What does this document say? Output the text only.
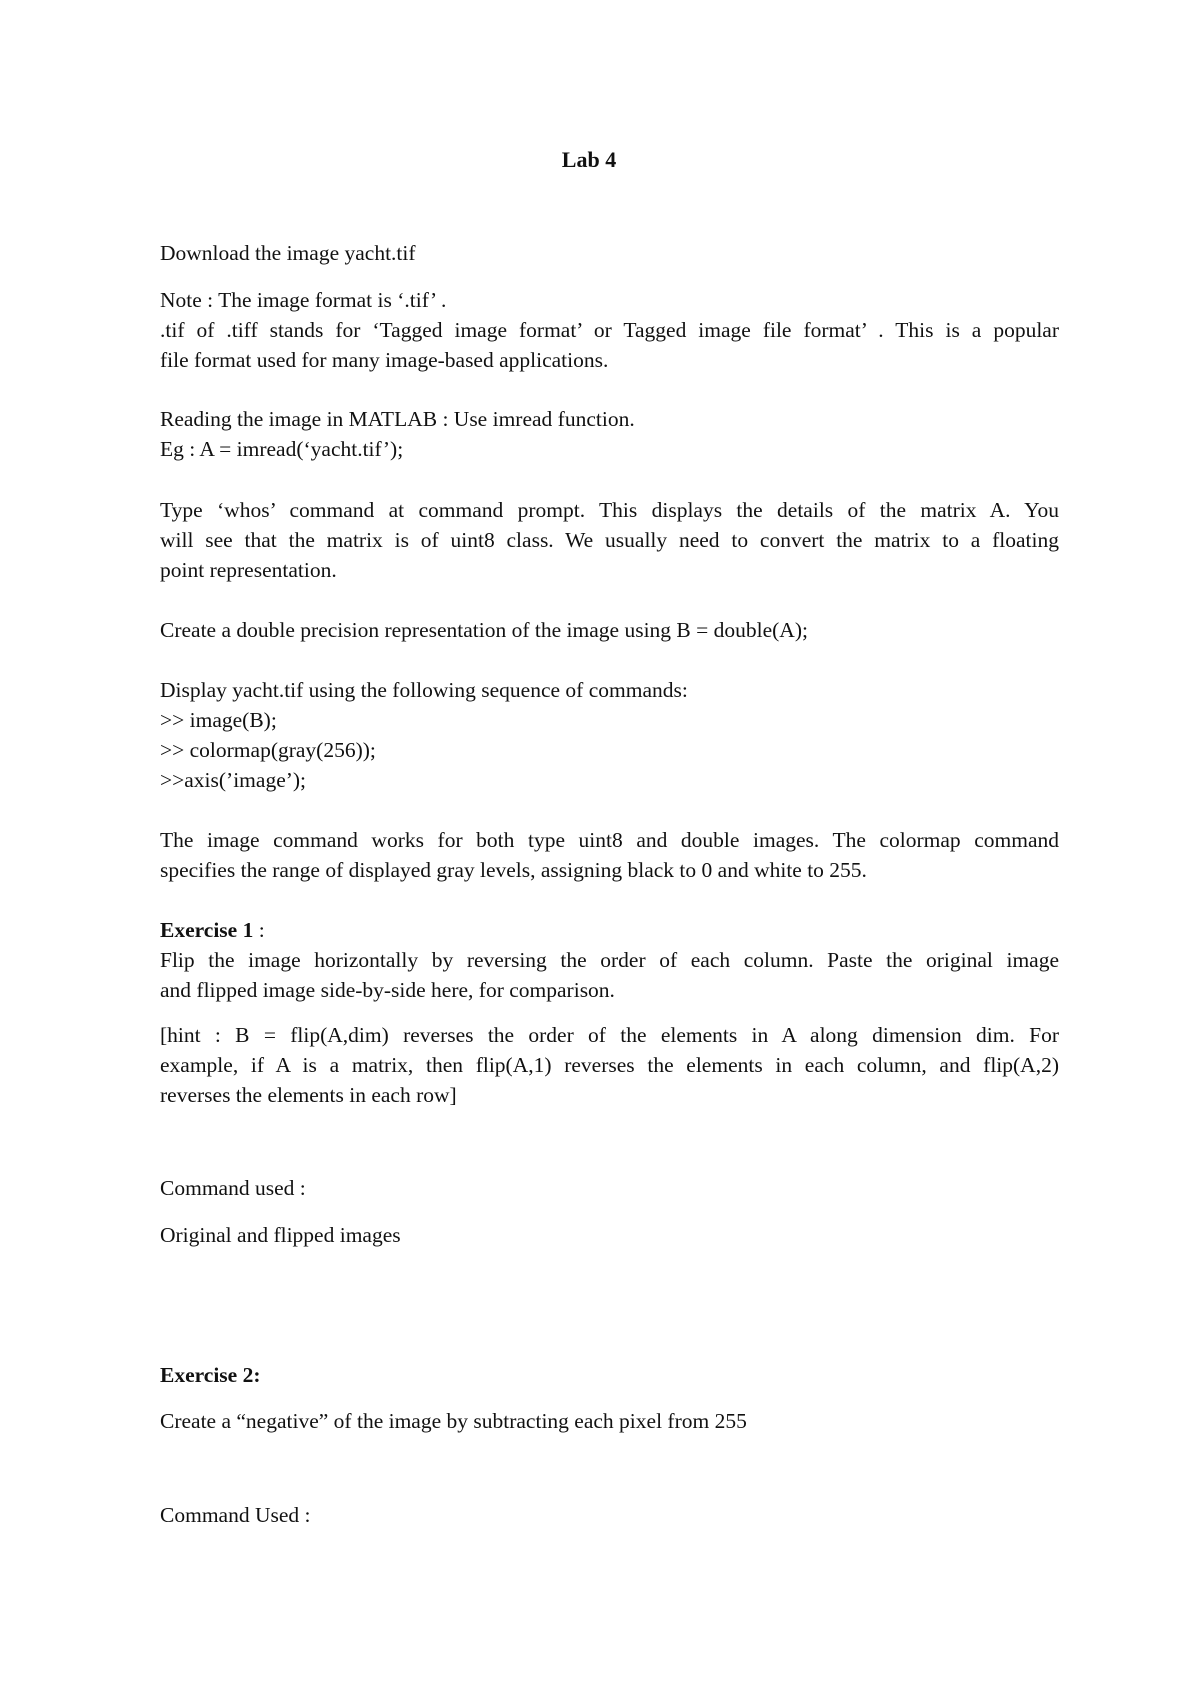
Lab 4
Download the image yacht.tif
Note : The image format is ‘.tif’ .
.tif of .tiff stands for ‘Tagged image format’ or Tagged image file format’ . This is a popular
file format used for many image-based applications.
Reading the image in MATLAB : Use imread function.
Eg : A = imread(‘yacht.tif’);
Type ‘whos’ command at command prompt. This displays the details of the matrix A. You
will see that the matrix is of uint8 class. We usually need to convert the matrix to a floating
point representation.
Create a double precision representation of the image using B = double(A);
Display yacht.tif using the following sequence of commands:
>> image(B);
>> colormap(gray(256));
>>axis(’image’);
The image command works for both type uint8 and double images. The colormap command
specifies the range of displayed gray levels, assigning black to 0 and white to 255.
Exercise 1 :
Flip the image horizontally by reversing the order of each column. Paste the original image
and flipped image side-by-side here, for comparison.
[hint : B = flip(A,dim) reverses the order of the elements in A along dimension dim. For
example, if A is a matrix, then flip(A,1) reverses the elements in each column, and flip(A,2)
reverses the elements in each row]
Command used :
Original and flipped images
Exercise 2:
Create a “negative” of the image by subtracting each pixel from 255
Command Used :
